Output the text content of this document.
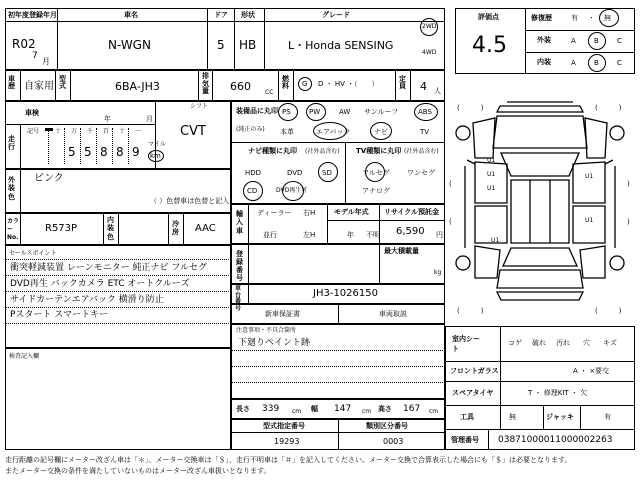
初年度登録年月	車名	ドア 形状	グレード
R02
7
月
N-WGN	5 HB	L・Honda SENSING
2WD
4WD
車歴 自家用
型式	6BA-JH3
排気量 660 CC
燃料 G D ・ HV ・（　　）
定員 4 人
車検
年	月
走行
記号	十 万 千 百 十 一
5 5 8 8 9
マイル
km
シフト
CVT
外装色
ピンク
（ ）色替車は色替と記入
カラーNo.
R573P
内装色
冷房 AAC
セールスポイント
衝突軽減装置 レーンモニター 純正ナビ フルセグ
DVD再生 バックカメラ ETC オートクルーズ
サイドカーテンエアバック 横滑り防止
Pスタート スマートキー
検査記入欄
装備品に丸印
(純正のみ)
PS	PW	AW サンルーフ	ABS
本革	エアバック	ナビ	TV
ナビ種類に丸印 (社外品含む) TV種類に丸印 (社外品含む)
HDD	DVD	SD
CD	DVD再生可
フルセグ ワンセグ
アナログ
輸入車
ディーラー
並行
右H
左H
モデル年式
年 不明
リサイクル預託金
6,590 円
登録番号
最大積載量
kg
車台番号
JH3-1026150
新車保証書	車両取説
注意事項・不具合箇所
下廻りペイント跡
長さ 339 cm 幅 147 cm 高さ 167 cm
型式指定番号
19293
類別区分番号
0003
評価点
4.5
修復歴	有 ・ 無
外装	A	B	C
内装	A	B	C
(　　　)	(　　　)
(
(
)
)
(　　　)	(　　　)
U1
U1
U1
U1
U1
U1
室内シート
コゲ 破れ 汚れ 穴 キズ
フロントガラス	A ・ ×要交
スペアタイヤ	T ・ 修理KIT ・ 欠
工具	無	ジャッキ	有
管理番号 03871000011000002263
走行距離の記号欄にメーター改ざん車は「＊」、メーター交換車は「＄」、走行不明車は「＃」を記入してください。メーター交換で合算表示した場合にも「＄」は必要となります。
またメーター交換の条件を満たしていないものはメーター改ざん車扱いとなります。
